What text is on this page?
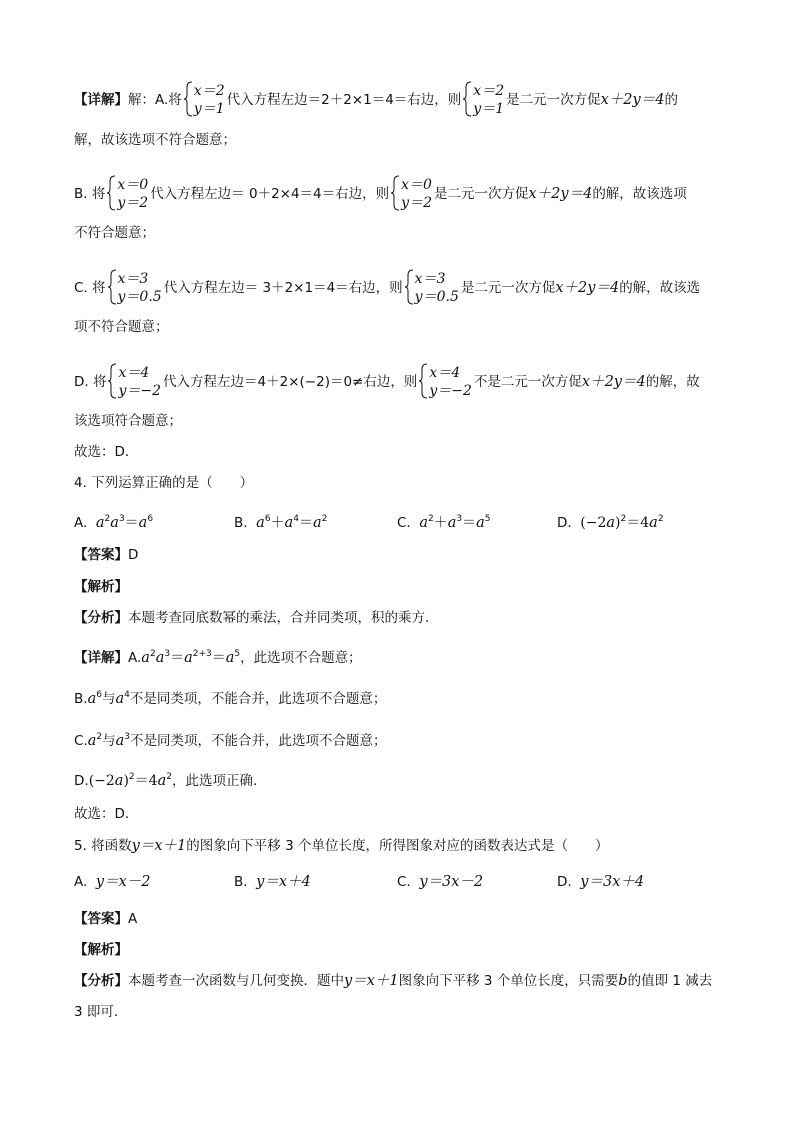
【详解】解：A.将
x＝2
y＝1
代入方程左边＝2＋2×1＝4＝右边，则
x＝2
y＝1
是二元一次方促x＋2y＝4的
解，故该选项不符合题意；
B. 将
x＝0
y＝2
代入方程左边＝ 0＋2×4＝4＝右边，则
x＝0
y＝2
是二元一次方促x＋2y＝4的解，故该选项
不符合题意；
C. 将
x＝3
y＝0.5
代入方程左边＝ 3＋2×1＝4＝右边，则
x＝3
y＝0.5
是二元一次方促x＋2y＝4的解，故该选
项不符合题意；
D. 将
x＝4
y＝−2
代入方程左边＝4＋2×(−2)＝0≠右边，则
x＝4
y＝−2
不是二元一次方促x＋2y＝4的解，故
该选项符合题意；
故选：D．
4. 下列运算正确的是（　　）
A. $a^2a^3=a^6$	B. $a^6+a^4=a^2$	C. $a^2+a^3=a^5$	D. $(-2a)^2=4a^2$
【答案】D
【解析】
【分析】本题考查同底数幂的乘法，合并同类项，积的乘方．
【详解】$A.a^2a^3=a^{2+3}=a^5$，此选项不合题意；
$B.a^6$与$a^4$不是同类项，不能合并，此选项不合题意；
$C.a^2$与$a^3$不是同类项，不能合并，此选项不合题意；
$D.(-2a)^2=4a^2$，此选项正确．
故选：D．
5. 将函数y＝x＋1的图象向下平移 3 个单位长度，所得图象对应的函数表达式是（　　）
A. y＝x－2	B. y＝x＋4	C. y＝3x－2	D. y＝3x＋4
【答案】A
【解析】
【分析】本题考查一次函数与几何变换．题中y＝x＋1图象向下平移 3 个单位长度，只需要b的值即 1 减去
3 即可．
